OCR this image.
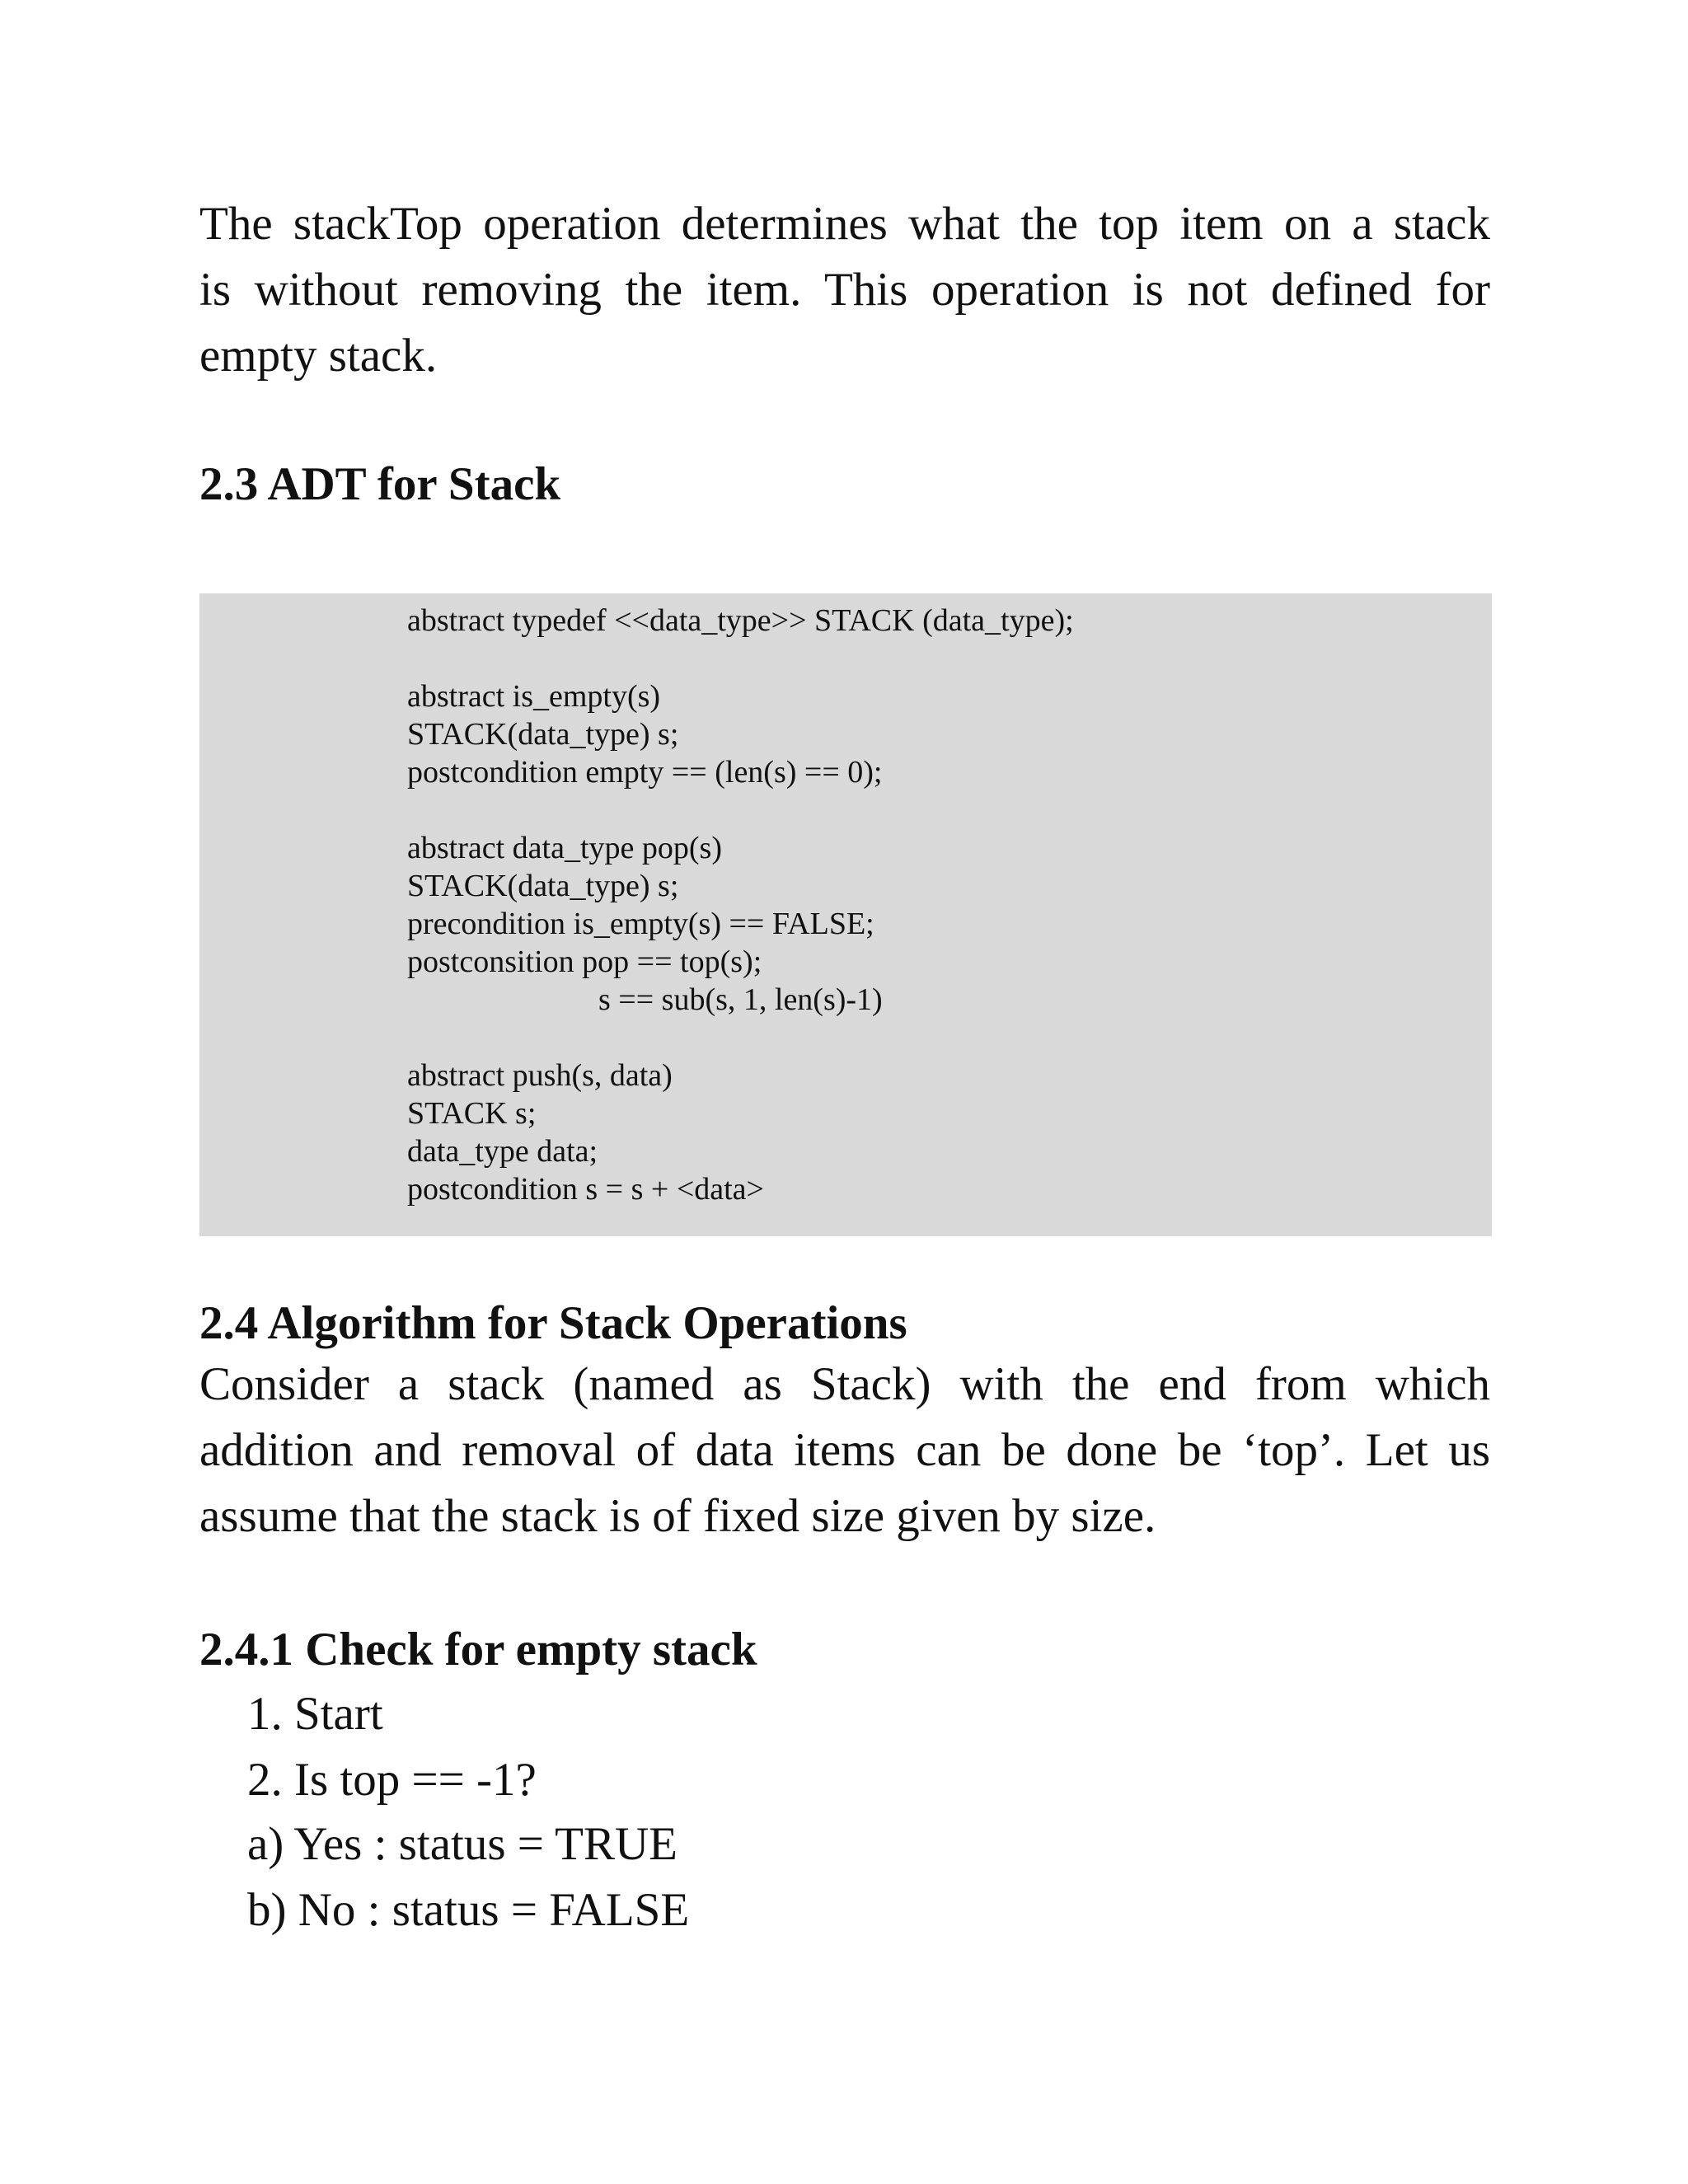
The stackTop operation determines what the top item on a stack
is without removing the item. This operation is not defined for
empty stack.
2.3 ADT for Stack
abstract typedef <<data_type>> STACK (data_type);
abstract is_empty(s)
STACK(data_type) s;
postcondition empty == (len(s) == 0);
abstract data_type pop(s)
STACK(data_type) s;
precondition is_empty(s) == FALSE;
postconsition pop == top(s);
s == sub(s, 1, len(s)-1)
abstract push(s, data)
STACK s;
data_type data;
postcondition s = s + <data>
2.4 Algorithm for Stack Operations
Consider a stack (named as Stack) with the end from which
addition and removal of data items can be done be ‘top’. Let us
assume that the stack is of fixed size given by size.
2.4.1 Check for empty stack

1. Start

2. Is top == -1?

a) Yes : status = TRUE

b) No : status = FALSE
